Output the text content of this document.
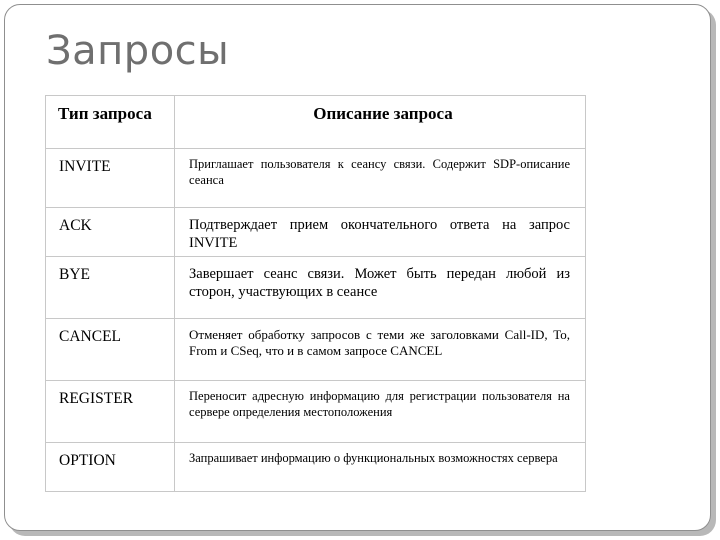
Запросы
Тип запроса	Описание запроса
INVITE	Приглашает пользователя к сеансу связи. Содержит SDP-описание сеанса
ACK	Подтверждает прием окончательного ответа на запрос INVITE
BYE	Завершает сеанс связи. Может быть передан любой из сторон, участвующих в сеансе
CANCEL	Отменяет обработку запросов с теми же заголовками Call-ID, To, From и CSeq, что и в самом запросе CANCEL
REGISTER	Переносит адресную информацию для регистрации пользователя на сервере определения местоположения
OPTION	Запрашивает информацию о функциональных возможностях сервера
